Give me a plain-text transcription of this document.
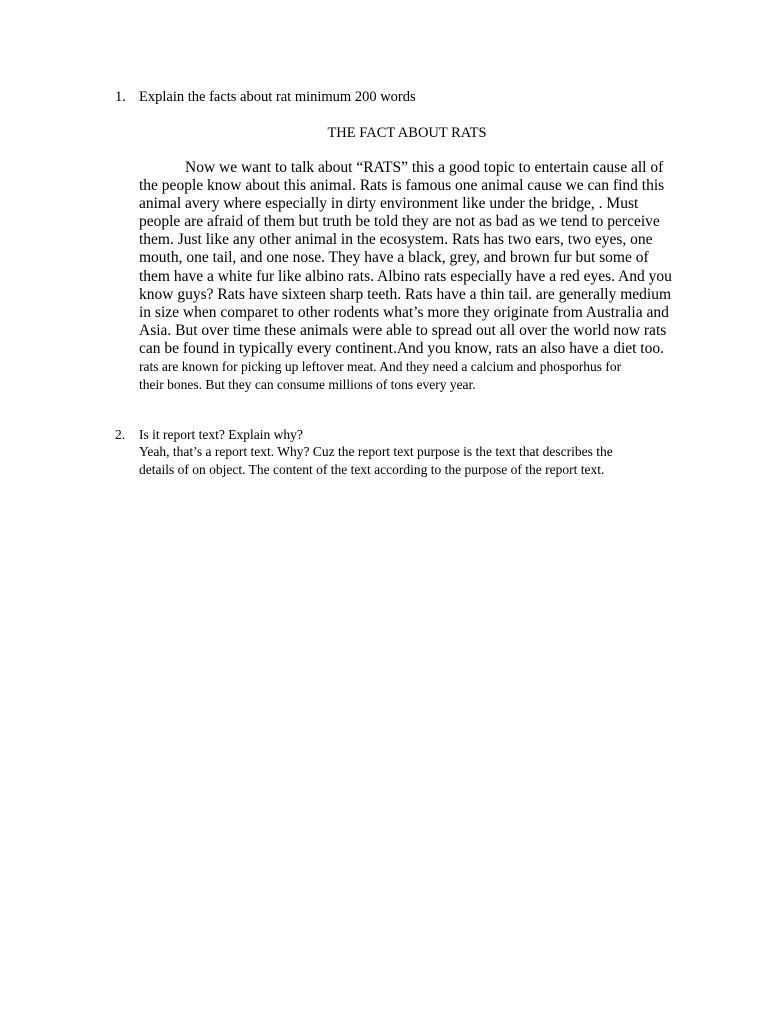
1. Explain the facts about rat minimum 200 words
THE FACT ABOUT RATS
Now we want to talk about “RATS” this a good topic to entertain cause all of
the people know about this animal. Rats is famous one animal cause we can find this
animal avery where especially in dirty environment like under the bridge, . Must
people are afraid of them but truth be told they are not as bad as we tend to perceive
them. Just like any other animal in the ecosystem. Rats has two ears, two eyes, one
mouth, one tail, and one nose. They have a black, grey, and brown fur but some of
them have a white fur like albino rats. Albino rats especially have a red eyes. And you
know guys? Rats have sixteen sharp teeth. Rats have a thin tail. are generally medium
in size when comparet to other rodents what’s more they originate from Australia and
Asia. But over time these animals were able to spread out all over the world now rats
can be found in typically every continent.And you know, rats an also have a diet too.
rats are known for picking up leftover meat. And they need a calcium and phosporhus for
their bones. But they can consume millions of tons every year.
2. Is it report text? Explain why?
Yeah, that’s a report text. Why? Cuz the report text purpose is the text that describes the
details of on object. The content of the text according to the purpose of the report text.
